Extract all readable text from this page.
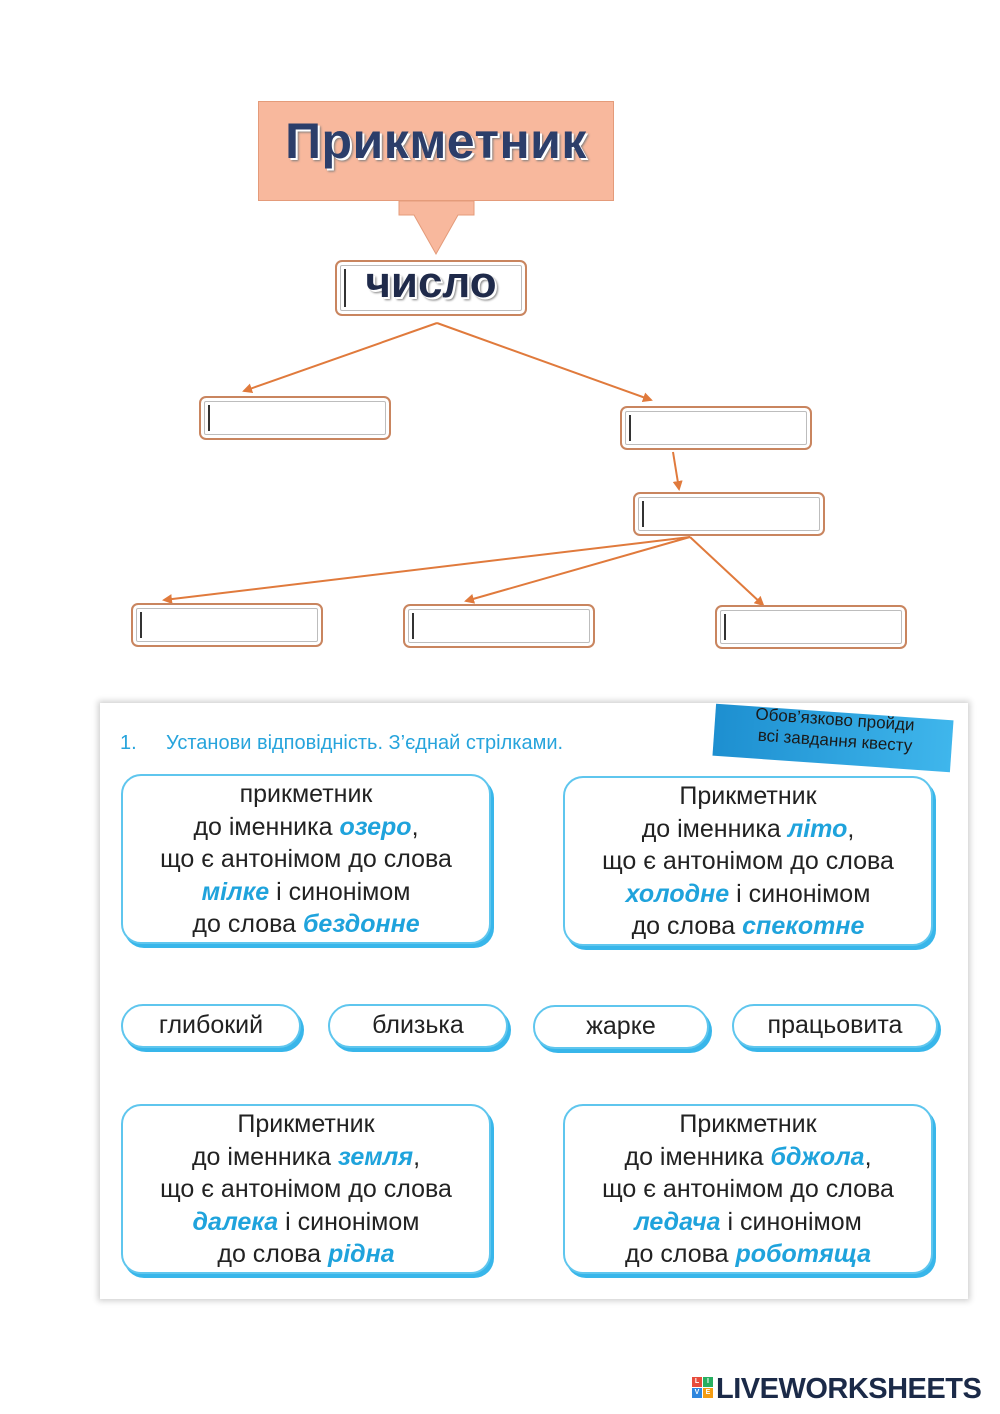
Прикметник
число
1. Установи відповідність. З’єднай стрілками.
Обов’язково пройди
всі завдання квесту
прикметник
до іменника озеро,
що є антонімом до слова
мілке і синонімом
до слова бездонне
Прикметник
до іменника літо,
що є антонімом до слова
холодне і синонімом
до слова спекотне
глибокий	близька	жарке	працьовита
Прикметник
до іменника земля,
що є антонімом до слова
далека і синонімом
до слова рідна
Прикметник
до іменника бджола,
що є антонімом до слова
ледача і синонімом
до слова роботяща
L	I
V E LIVEWORKSHEETS
